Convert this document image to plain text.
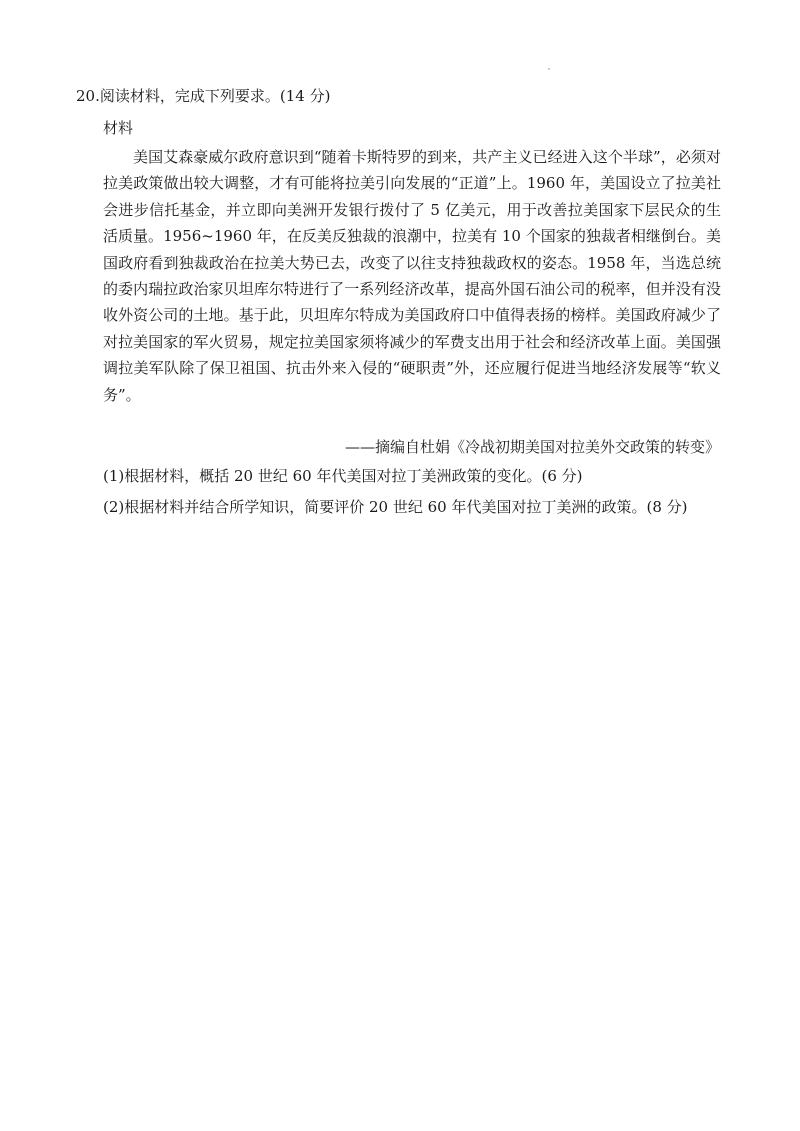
20.阅读材料，完成下列要求。(14 分)
材料

美国艾森豪威尔政府意识到“随着卡斯特罗的到来，共产主义已经进入这个半球”，必须对拉美政策做出较大调整，才有可能将拉美引向发展的“正道”上。1960 年，美国设立了拉美社会进步信托基金，并立即向美洲开发银行拨付了 5 亿美元，用于改善拉美国家下层民众的生活质量。1956~1960 年，在反美反独裁的浪潮中，拉美有 10 个国家的独裁者相继倒台。美国政府看到独裁政治在拉美大势已去，改变了以往支持独裁政权的姿态。1958 年，当选总统的委内瑞拉政治家贝坦库尔特进行了一系列经济改革，提高外国石油公司的税率，但并没有没收外资公司的土地。基于此，贝坦库尔特成为美国政府口中值得表扬的榜样。美国政府减少了对拉美国家的军火贸易，规定拉美国家须将减少的军费支出用于社会和经济改革上面。美国强调拉美军队除了保卫祖国、抗击外来入侵的“硬职责”外，还应履行促进当地经济发展等“软义务”。

——摘编自杜娟《冷战初期美国对拉美外交政策的转变》
(1)根据材料，概括 20 世纪 60 年代美国对拉丁美洲政策的变化。(6 分)
(2)根据材料并结合所学知识，简要评价 20 世纪 60 年代美国对拉丁美洲的政策。(8 分)
